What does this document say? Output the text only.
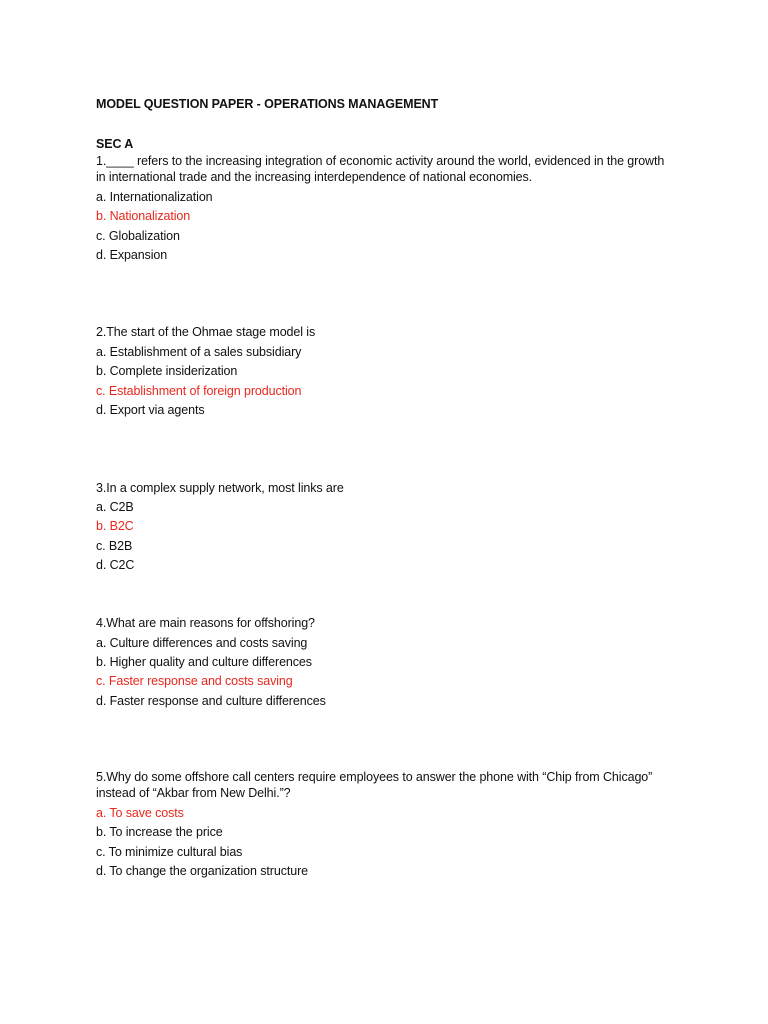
MODEL QUESTION PAPER - OPERATIONS MANAGEMENT
SEC A
1.____ refers to the increasing integration of economic activity around the world, evidenced in the growth
in international trade and the increasing interdependence of national economies.
a. Internationalization
b. Nationalization
c. Globalization
d. Expansion
2.The start of the Ohmae stage model is
a. Establishment of a sales subsidiary
b. Complete insiderization
c. Establishment of foreign production
d. Export via agents
3.In a complex supply network, most links are
a. C2B
b. B2C
c. B2B
d. C2C
4.What are main reasons for offshoring?
a. Culture differences and costs saving
b. Higher quality and culture differences
c. Faster response and costs saving
d. Faster response and culture differences
5.Why do some offshore call centers require employees to answer the phone with “Chip from Chicago”
instead of “Akbar from New Delhi.”?
a. To save costs
b. To increase the price
c. To minimize cultural bias
d. To change the organization structure
